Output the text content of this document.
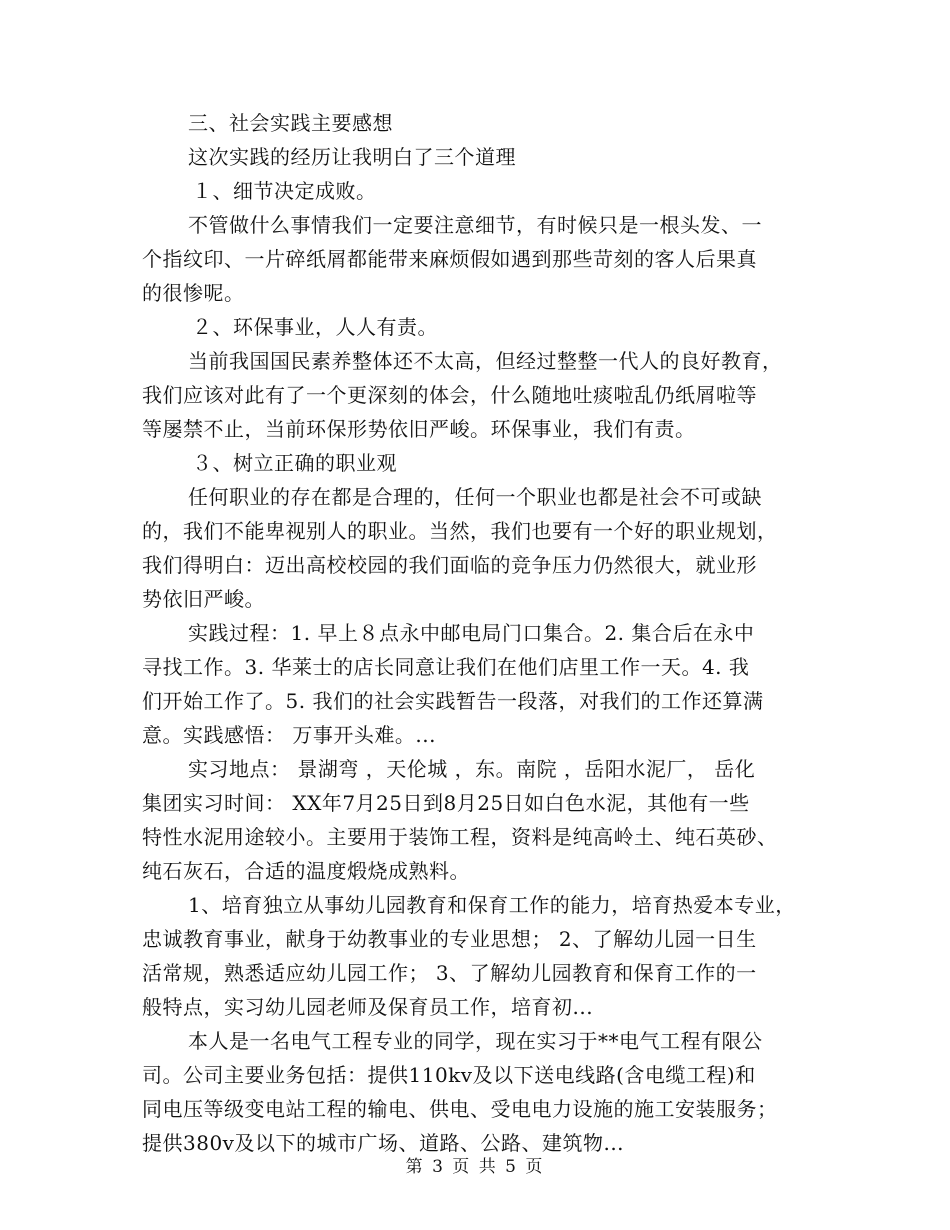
三、社会实践主要感想
这次实践的经历让我明白了三个道理
１、细节决定成败。
不管做什么事情我们一定要注意细节，有时候只是一根头发、一
个指纹印、一片碎纸屑都能带来麻烦假如遇到那些苛刻的客人后果真
的很惨呢。
２、环保事业，人人有责。
当前我国国民素养整体还不太高，但经过整整一代人的良好教育，
我们应该对此有了一个更深刻的体会，什么随地吐痰啦乱仍纸屑啦等
等屡禁不止，当前环保形势依旧严峻。环保事业，我们有责。
３、树立正确的职业观
任何职业的存在都是合理的，任何一个职业也都是社会不可或缺
的，我们不能卑视别人的职业。当然，我们也要有一个好的职业规划，
我们得明白：迈出高校校园的我们面临的竞争压力仍然很大，就业形
势依旧严峻。
实践过程：1. 早上８点永中邮电局门口集合。2. 集合后在永中
寻找工作。3. 华莱士的店长同意让我们在他们店里工作一天。4. 我
们开始工作了。5. 我们的社会实践暂告一段落，对我们的工作还算满
意。实践感悟： 万事开头难。...
实习地点： 景湖弯 ，天伦城 ，东。南院 ，岳阳水泥厂， 岳化
集团实习时间： XX年7月25日到8月25日如白色水泥，其他有一些
特性水泥用途较小。主要用于装饰工程，资料是纯高岭土、纯石英砂、
纯石灰石，合适的温度煅烧成熟料。
1、培育独立从事幼儿园教育和保育工作的能力，培育热爱本专业，
忠诚教育事业，献身于幼教事业的专业思想； 2、了解幼儿园一日生
活常规，熟悉适应幼儿园工作； 3、了解幼儿园教育和保育工作的一
般特点，实习幼儿园老师及保育员工作，培育初...
本人是一名电气工程专业的同学，现在实习于**电气工程有限公
司。公司主要业务包括：提供110kv及以下送电线路(含电缆工程)和
同电压等级变电站工程的输电、供电、受电电力设施的施工安装服务；
提供380v及以下的城市广场、道路、公路、建筑物...
第 3 页 共 5 页
